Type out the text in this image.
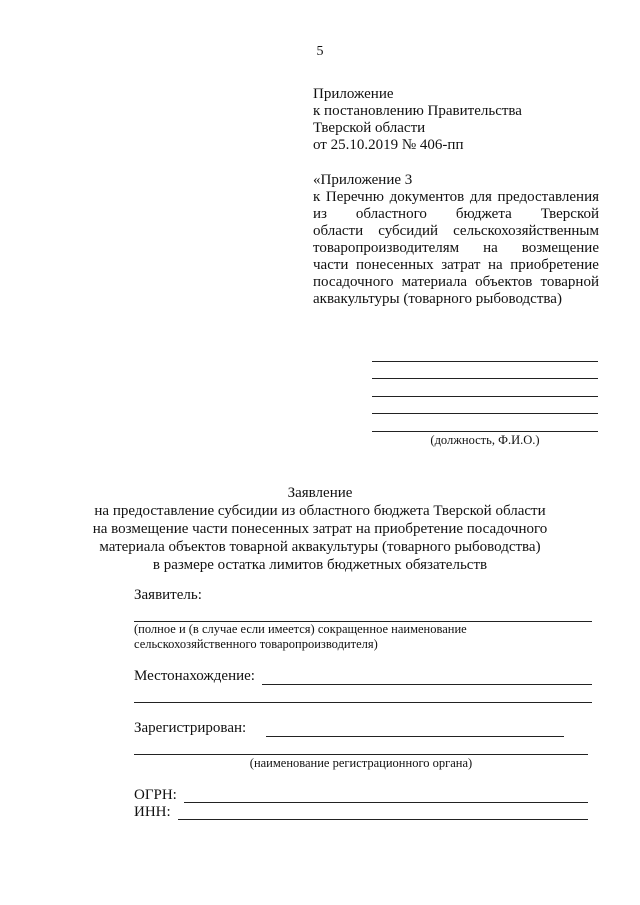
5
Приложение
к постановлению Правительства
Тверской области
от 25.10.2019 № 406-пп
«Приложение 3
к Перечню документов для предоставления
из областного бюджета Тверской
области субсидий сельскохозяйственным
товаропроизводителям на возмещение
части понесенных затрат на приобретение
посадочного материала объектов товарной
аквакультуры (товарного рыбоводства)
(должность, Ф.И.О.)
Заявление
на предоставление субсидии из областного бюджета Тверской области
на возмещение части понесенных затрат на приобретение посадочного
материала объектов товарной аквакультуры (товарного рыбоводства)
в размере остатка лимитов бюджетных обязательств
Заявитель:
(полное и (в случае если имеется) сокращенное наименование
сельскохозяйственного товаропроизводителя)
Местонахождение:
Зарегистрирован:
(наименование регистрационного органа)
ОГРН:
ИНН:
